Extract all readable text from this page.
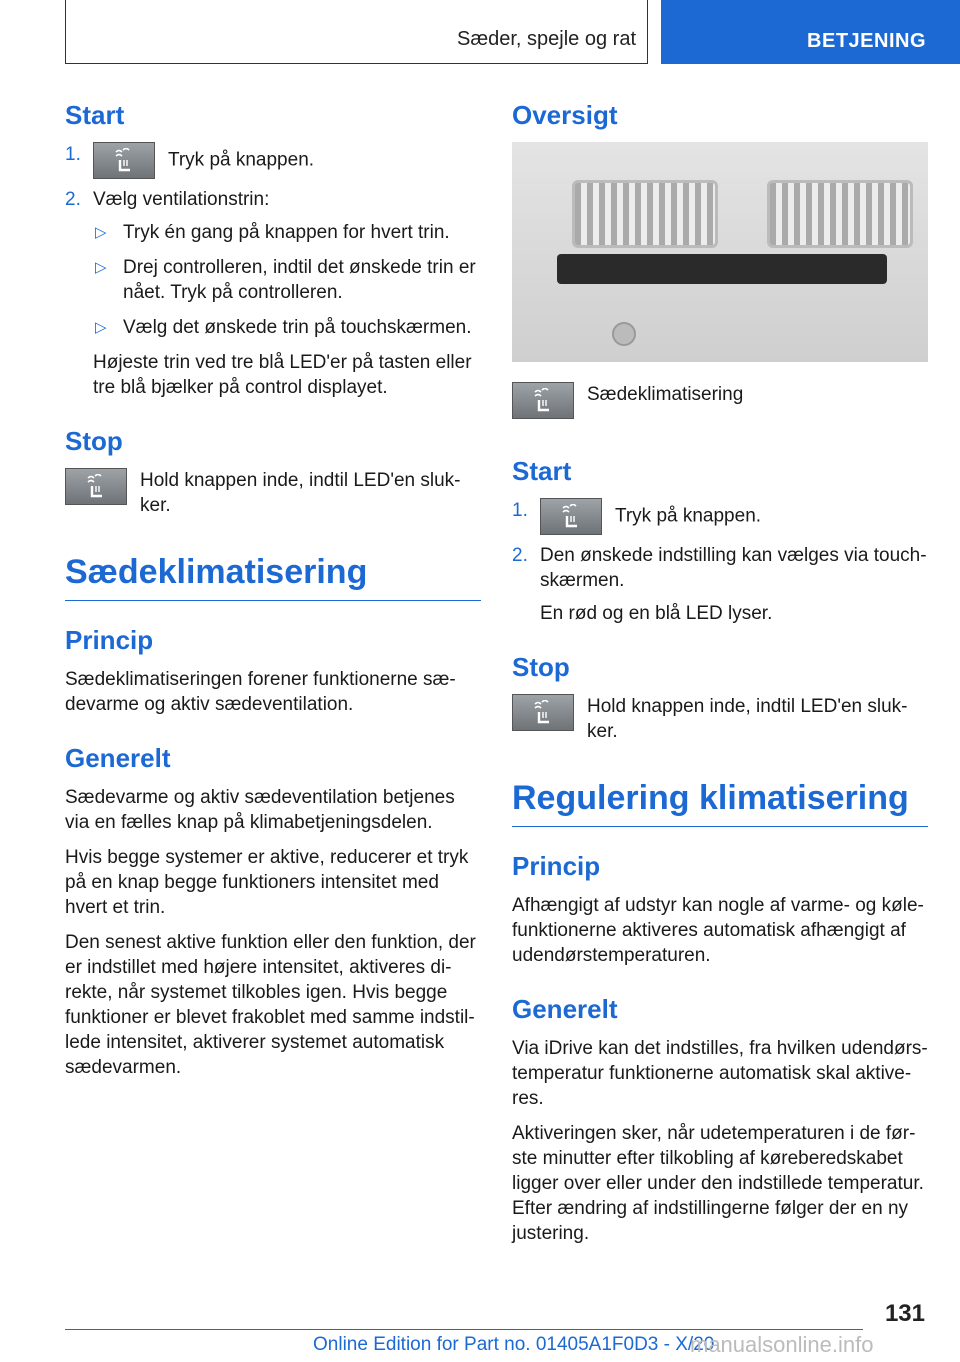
Sæder, spejle og rat	BETJENING
Start
1.	Tryk på knappen.
2. Vælg ventilationstrin:
▷ Tryk én gang på knappen for hvert trin.
▷ Drej controlleren, indtil det ønskede trin er nået. Tryk på controlleren.
▷ Vælg det ønskede trin på touchskærmen.

Højeste trin ved tre blå LED'er på tasten eller tre blå bjælker på control displayet.

Stop
Hold knappen inde, indtil LED'en sluk-ker.
Sædeklimatisering
Princip

Sædeklimatiseringen forener funktionerne sæ-devarme og aktiv sædeventilation.

Generelt

Sædevarme og aktiv sædeventilation betjenes via en fælles knap på klimabetjeningsdelen.

Hvis begge systemer er aktive, reducerer et tryk på en knap begge funktioners intensitet med hvert et trin.

Den senest aktive funktion eller den funktion, der er indstillet med højere intensitet, aktiveres di-rekte, når systemet tilkobles igen. Hvis begge funktioner er blevet frakoblet med samme indstil-lede intensitet, aktiverer systemet automatisk sædevarmen.

Oversigt
Sædeklimatisering
Start
1.	Tryk på knappen.
2. Den ønskede indstilling kan vælges via touch-skærmen.

En rød og en blå LED lyser.

Stop
Hold knappen inde, indtil LED'en sluk-ker.
Regulering klimatisering
Princip

Afhængigt af udstyr kan nogle af varme- og køle-funktionerne aktiveres automatisk afhængigt af udendørstemperaturen.

Generelt

Via iDrive kan det indstilles, fra hvilken udendørs-temperatur funktionerne automatisk skal aktive-res.

Aktiveringen sker, når udetemperaturen i de før-ste minutter efter tilkobling af køreberedskabet ligger over eller under den indstillede temperatur. Efter ændring af indstillingerne følger der en ny justering.

131
Online Edition for Part no. 01405A1F0D3 - X/20
manualsonline.info
